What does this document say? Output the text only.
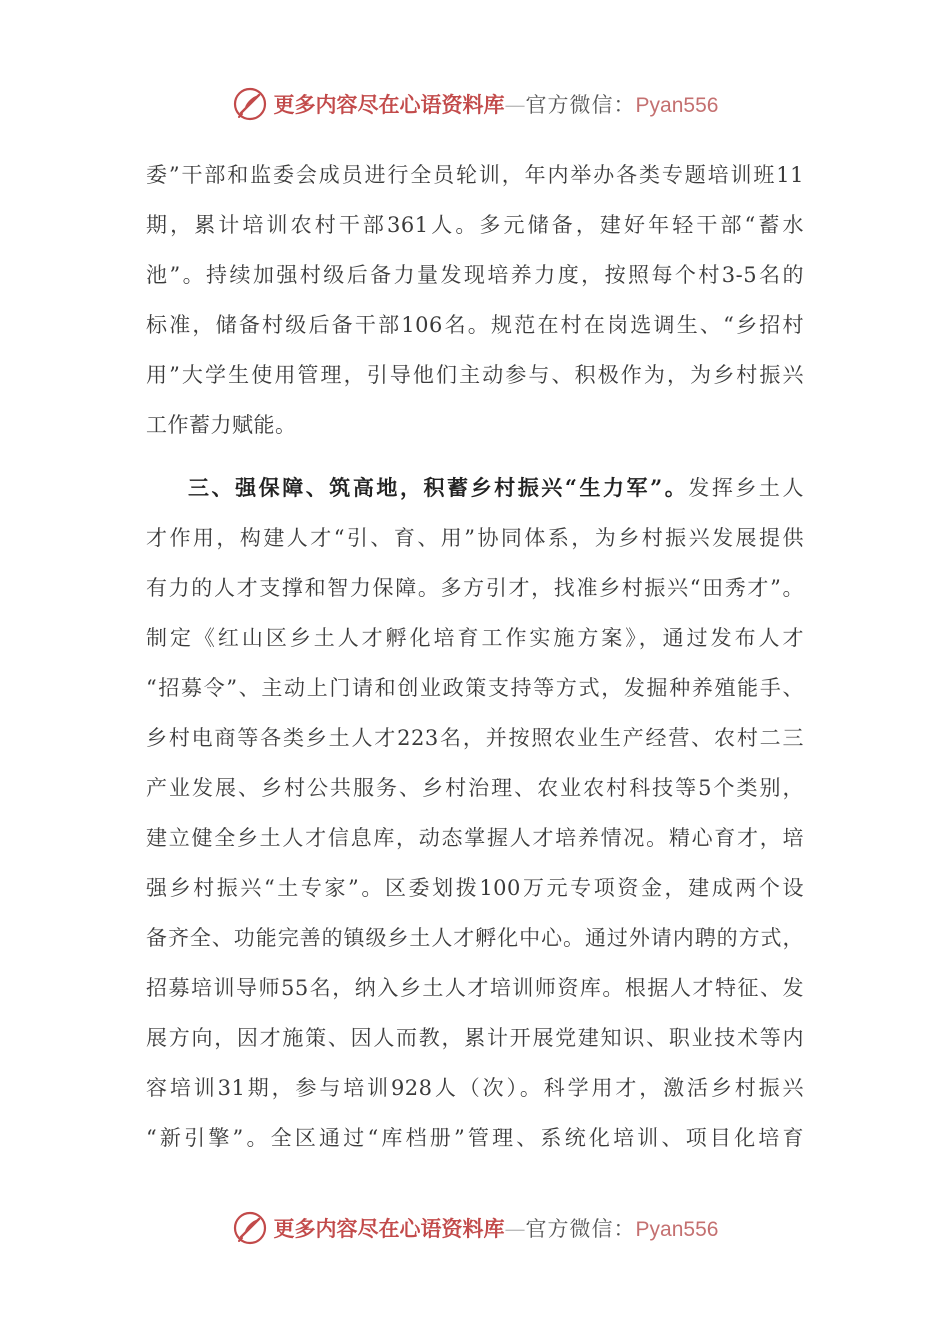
更多内容尽在心语资料库—官方微信：Pyan556
委”干部和监委会成员进行全员轮训，年内举办各类专题培训班11
期，累计培训农村干部361人。多元储备，建好年轻干部“蓄水
池”。持续加强村级后备力量发现培养力度，按照每个村3-5名的
标准，储备村级后备干部106名。规范在村在岗选调生、“乡招村
用”大学生使用管理，引导他们主动参与、积极作为，为乡村振兴
工作蓄力赋能。
三、强保障、筑高地，积蓄乡村振兴“生力军”。发挥乡土人
才作用，构建人才“引、育、用”协同体系，为乡村振兴发展提供
有力的人才支撑和智力保障。多方引才，找准乡村振兴“田秀才”。
制定《红山区乡土人才孵化培育工作实施方案》，通过发布人才
“招募令”、主动上门请和创业政策支持等方式，发掘种养殖能手、
乡村电商等各类乡土人才223名，并按照农业生产经营、农村二三
产业发展、乡村公共服务、乡村治理、农业农村科技等5个类别，
建立健全乡土人才信息库，动态掌握人才培养情况。精心育才，培
强乡村振兴“土专家”。区委划拨100万元专项资金，建成两个设
备齐全、功能完善的镇级乡土人才孵化中心。通过外请内聘的方式，
招募培训导师55名，纳入乡土人才培训师资库。根据人才特征、发
展方向，因才施策、因人而教，累计开展党建知识、职业技术等内
容培训31期，参与培训928人（次）。科学用才，激活乡村振兴
“新引擎”。全区通过“库档册”管理、系统化培训、项目化培育
更多内容尽在心语资料库—官方微信：Pyan556
